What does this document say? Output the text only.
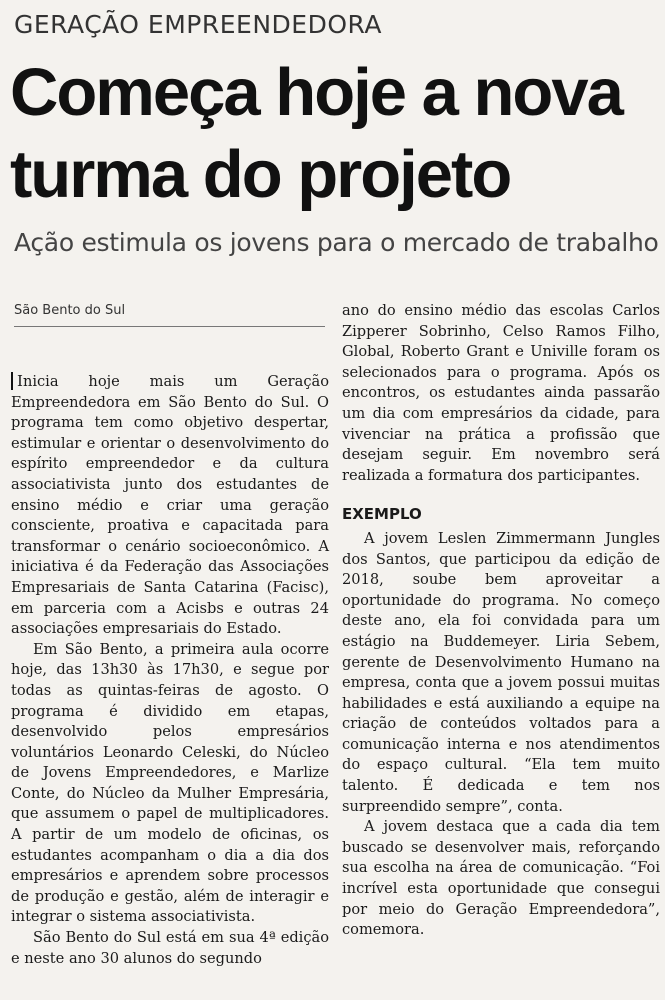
GERAÇÃO EMPREENDEDORA
Começa hoje a nova
turma do projeto
Ação estimula os jovens para o mercado de trabalho
São Bento do Sul

Inicia hoje mais um Geração Empreendedora em São Bento do Sul. O programa tem como objetivo despertar, estimular e orientar o desenvolvimento do espírito empreendedor e da cultura associativista junto dos estudantes de ensino médio e criar uma geração consciente, proativa e capacitada para transformar o cenário socioeconômico. A iniciativa é da Federação das Associações Empresariais de Santa Catarina (Facisc), em parceria com a Acisbs e outras 24 associações empresariais do Estado.

Em São Bento, a primeira aula ocorre hoje, das 13h30 às 17h30, e segue por todas as quintas-feiras de agosto. O programa é dividido em etapas, desenvolvido pelos empresários voluntários Leonardo Celeski, do Núcleo de Jovens Empreendedores, e Marlize Conte, do Núcleo da Mulher Empresária, que assumem o papel de multiplicadores. A partir de um modelo de oficinas, os estudantes acompanham o dia a dia dos empresários e aprendem sobre processos de produção e gestão, além de interagir e integrar o sistema associativista.

São Bento do Sul está em sua 4ª edição e neste ano 30 alunos do segundo

ano do ensino médio das escolas Carlos Zipperer Sobrinho, Celso Ramos Filho, Global, Roberto Grant e Univille foram os selecionados para o programa. Após os encontros, os estudantes ainda passarão um dia com empresários da cidade, para vivenciar na prática a profissão que desejam seguir. Em novembro será realizada a formatura dos participantes.

EXEMPLO

A jovem Leslen Zimmermann Jungles dos Santos, que participou da edição de 2018, soube bem aproveitar a oportunidade do programa. No começo deste ano, ela foi convidada para um estágio na Buddemeyer. Liria Sebem, gerente de Desenvolvimento Humano na empresa, conta que a jovem possui muitas habilidades e está auxiliando a equipe na criação de conteúdos voltados para a comunicação interna e nos atendimentos do espaço cultural. “Ela tem muito talento. É dedicada e tem nos surpreendido sempre”, conta.

A jovem destaca que a cada dia tem buscado se desenvolver mais, reforçando sua escolha na área de comunicação. “Foi incrível esta oportunidade que consegui por meio do Geração Empreendedora”, comemora.
